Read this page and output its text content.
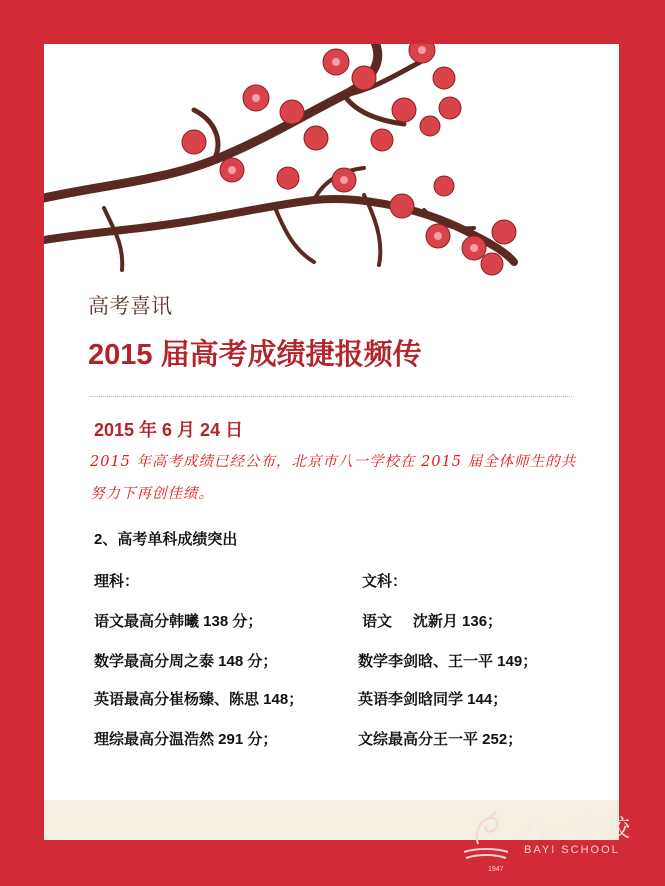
高考喜讯
2015 届高考成绩捷报频传
2015 年 6 月 24 日
2015 年高考成绩已经公布，北京市八一学校在 2015 届全体师生的共努力下再创佳绩。
2、高考单科成绩突出
理科：	文科：
语文最高分韩曦 138 分；
数学最高分周之泰 148 分；
英语最高分崔杨臻、陈思 148；
理综最高分温浩然 291 分；
语文     沈新月 136；
数学李剑晗、王一平 149；
英语李剑晗同学 144；
文综最高分王一平 252；
八一学校
BAYI SCHOOL
1947
